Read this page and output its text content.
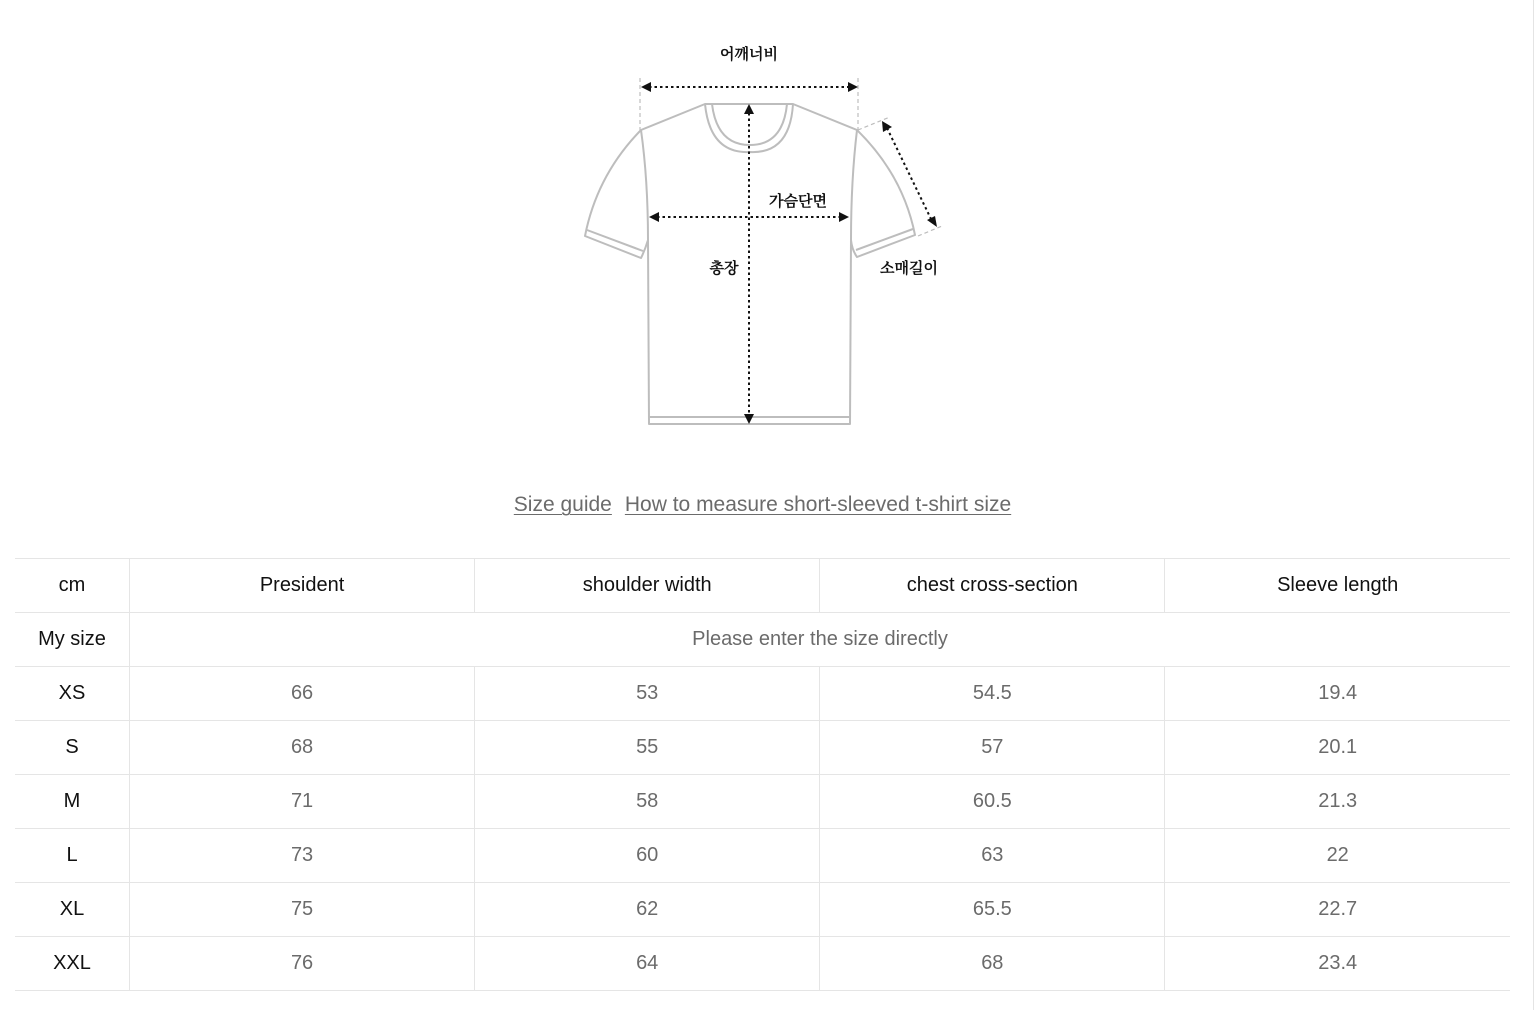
어깨너비
가슴단면
총장	소매길이
Size guide How to measure short-sleeved t-shirt size
cm	President	shoulder width	chest cross-section	Sleeve length
My size	Please enter the size directly			
XS	66	53	54.5	19.4
S	68	55	57	20.1
M	71	58	60.5	21.3
L	73	60	63	22
XL	75	62	65.5	22.7
XXL	76	64	68	23.4
